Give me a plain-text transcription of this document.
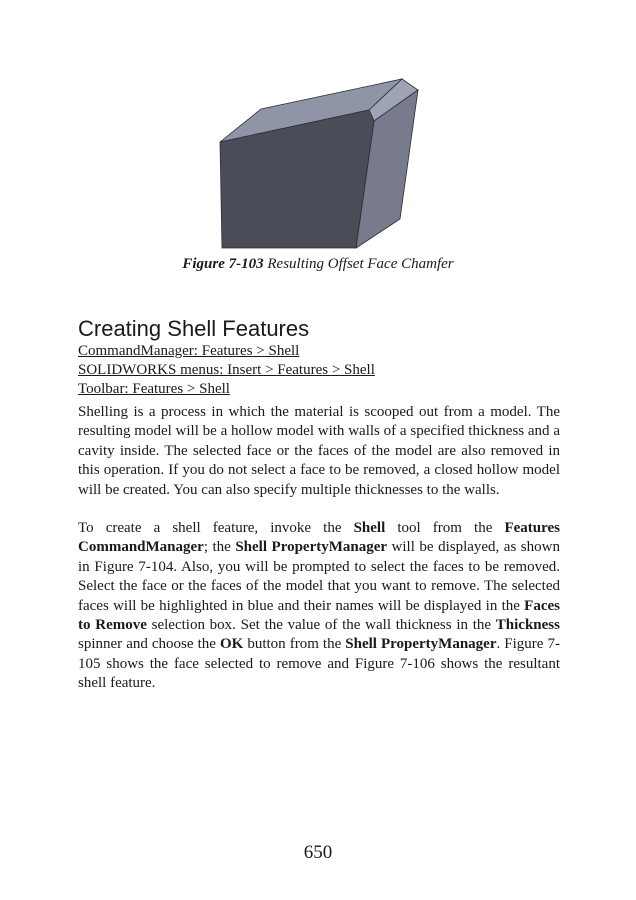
Figure 7-103 Resulting Offset Face Chamfer
Creating Shell Features
CommandManager: Features > Shell
SOLIDWORKS menus: Insert > Features > Shell
Toolbar: Features > Shell

Shelling is a process in which the material is scooped out from a model. The resulting model will be a hollow model with walls of a specified thickness and a cavity inside. The selected face or the faces of the model are also removed in this operation. If you do not select a face to be removed, a closed hollow model will be created. You can also specify multiple thicknesses to the walls.

To create a shell feature, invoke the Shell tool from the Features CommandManager; the Shell PropertyManager will be displayed, as shown in Figure 7-104. Also, you will be prompted to select the faces to be removed. Select the face or the faces of the model that you want to remove. The selected faces will be highlighted in blue and their names will be displayed in the Faces to Remove selection box. Set the value of the wall thickness in the Thickness spinner and choose the OK button from the Shell PropertyManager. Figure 7-105 shows the face selected to remove and Figure 7-106 shows the resultant shell feature.

650
